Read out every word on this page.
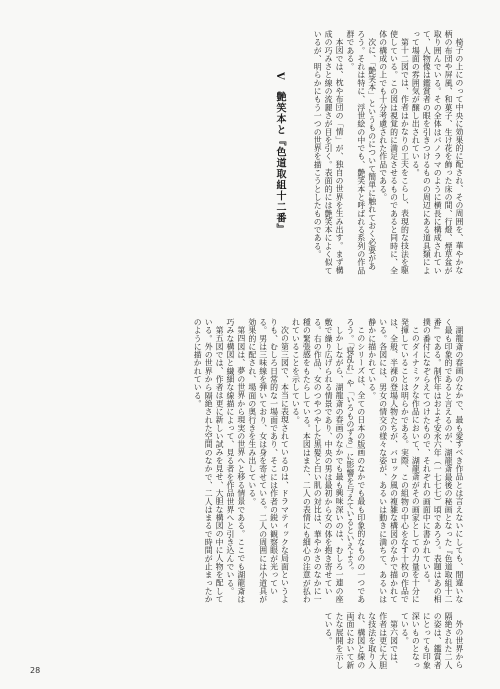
椅子の上にのって中央に効果的に配され、その周囲を、華やかな柄の布団や屏風、和菓子、生け花を飾った床の間、行燈、煙草盆が取り囲んでいる。その全体はパノラマのように横長に構成されていて、人物像は鑑賞者の眼を引きつけるものの周辺にある道具類によって場面の雰囲気が醸し出されている。

第十二図では、作者はかなりの工夫をこらし、表現的な技法を駆使している。この図は視覚的に満足させるものであると同時に、全体の構成の上でも十分考慮された作品である。

次に、「艶笑本」というものについて簡単に触れておく必要があろう。それは特に、浮世絵の中でも、艶笑本と呼ばれる系列の作品群である。

本図では、枕や布団の「情」が、独自の世界を生み出す。まず構成の巧みさと線の流麗さが目を引く。表面的には艶笑本によく似ているが、明らかにもう一つの世界を描こうとしたものである。

V　艶笑本と『色道取組十二番』

湖龍斎の春画のなかで、最も愛すべき作品とは言えないにしても、間違いなく最も印象的であると言えるのが、湖龍斎最後の秘画となった『色道取組十二番』である。制作年はおよそ安永六年（一七七七）頃であろう。表題はあの相撲の番付になぞらえてつけたもので、それぞれの画面中に書かれている。

このダイナミックな作品において、湖龍斎がその画家としての力量を十分に発揮していることは明らかである。実際、この組物の中心をなす十枚の作品では、全般、半裸の登場人物たちが、バロック風の複雑な構図のなかで描かれている。各図には、男女の情交の様々な姿が、あるいは動きに満ちて、あるいは静かに描かれている。

このシリーズは、全ての日本の版画のなかでも最も印象的なものの一つであろう。「寝乱れ」や「いろものずき」に影響を与えているといえよう。

しかしながら、湖龍斎の春画のなかでも最も興味深いのは、むしろ一連の座敷で繰り広げられる情景であり、中央の男は最初から女の体を抱き寄せている。右の作品、女のつやつやした黒髪と白い肌の対比は、華やかさのなかに一種の緊張感をもたらしている。本図はまた、二人の表情にも細心の注意が払われていることを示している。

次の第三図で、本当に表現されているのは、ドラマティックな局面というよりも、むしろ日常的な一場面であり、そこには作者の鋭い観察眼が光っている。男は三味線を弾いており、女は身を寄せている。二人の周囲には小道具が効果的に配され、場面の奥行きを生み出している。

第四図は、夢の世界から現実の世界へと移る情景である。ここでも湖龍斎は巧みな構図と繊細な線描によって、見る者を作品世界へと引き込んでいる。

第五図では、作者は更に新しい試みを見せ、大胆な構図の中に人物を配している。外の世界から隔絶された空間のなかで、二人はまるで時間が止まったかのように描かれている。

外の世界から隔絶された二人の姿は、鑑賞者にとっても印象深いものとなっている。

第六図では、作者は更に大胆な技法を取り入れ、構図と線の両面において新たな展開を示している。

28
